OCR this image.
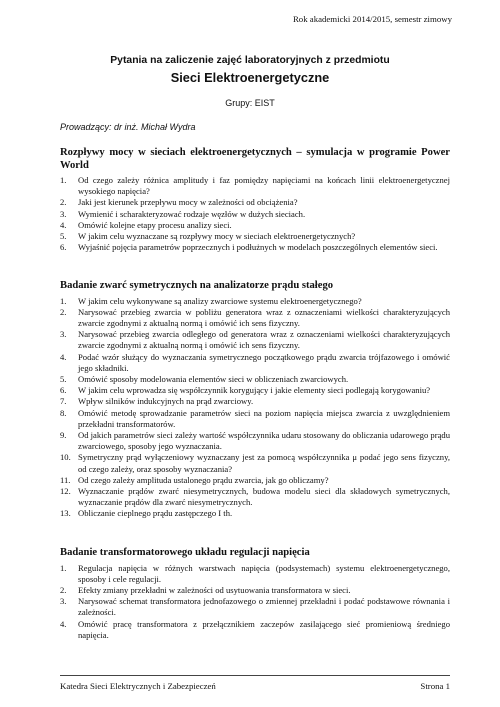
Rok akademicki 2014/2015, semestr zimowy
Pytania na zaliczenie zajęć laboratoryjnych z przedmiotu
Sieci Elektroenergetyczne
Grupy: EIST
Prowadzący: dr inż. Michał Wydra
Rozpływy mocy w sieciach elektroenergetycznych – symulacja w programie Power World
1. Od czego zależy różnica amplitudy i faz pomiędzy napięciami na końcach linii elektroenergetycznej wysokiego napięcia?
2. Jaki jest kierunek przepływu mocy w zależności od obciążenia?
3. Wymienić i scharakteryzować rodzaje węzłów w dużych sieciach.
4. Omówić kolejne etapy procesu analizy sieci.
5. W jakim celu wyznaczane są rozpływy mocy w sieciach elektroenergetycznych?
6. Wyjaśnić pojęcia parametrów poprzecznych i podłużnych w modelach poszczególnych elementów sieci.
Badanie zwarć symetrycznych na analizatorze prądu stałego
1. W jakim celu wykonywane są analizy zwarciowe systemu elektroenergetycznego?
2. Narysować przebieg zwarcia w pobliżu generatora wraz z oznaczeniami wielkości charakteryzujących zwarcie zgodnymi z aktualną normą i omówić ich sens fizyczny.
3. Narysować przebieg zwarcia odległego od generatora wraz z oznaczeniami wielkości charakteryzujących zwarcie zgodnymi z aktualną normą i omówić ich sens fizyczny.
4. Podać wzór służący do wyznaczania symetrycznego początkowego prądu zwarcia trójfazowego i omówić jego składniki.
5. Omówić sposoby modelowania elementów sieci w obliczeniach zwarciowych.
6. W jakim celu wprowadza się współczynnik korygujący i jakie elementy sieci podlegają korygowaniu?
7. Wpływ silników indukcyjnych na prąd zwarciowy.
8. Omówić metodę sprowadzanie parametrów sieci na poziom napięcia miejsca zwarcia z uwzględnieniem przekładni transformatorów.
9. Od jakich parametrów sieci zależy wartość współczynnika udaru stosowany do obliczania udarowego prądu zwarciowego, sposoby jego wyznaczania.
10. Symetryczny prąd wyłączeniowy wyznaczany jest za pomocą współczynnika μ podać jego sens fizyczny, od czego zależy, oraz sposoby wyznaczania?
11. Od czego zależy amplituda ustalonego prądu zwarcia, jak go obliczamy?
12. Wyznaczanie prądów zwarć niesymetrycznych, budowa modelu sieci dla składowych symetrycznych, wyznaczanie prądów dla zwarć niesymetrycznych.
13. Obliczanie cieplnego prądu zastępczego I th.
Badanie transformatorowego układu regulacji napięcia
1. Regulacja napięcia w różnych warstwach napięcia (podsystemach) systemu elektroenergetycznego, sposoby i cele regulacji.
2. Efekty zmiany przekładni w zależności od usytuowania transformatora w sieci.
3. Narysować schemat transformatora jednofazowego o zmiennej przekładni i podać podstawowe równania i zależności.
4. Omówić pracę transformatora z przełącznikiem zaczepów zasilającego sieć promieniową średniego napięcia.
Katedra Sieci Elektrycznych i Zabezpieczeń	Strona 1
